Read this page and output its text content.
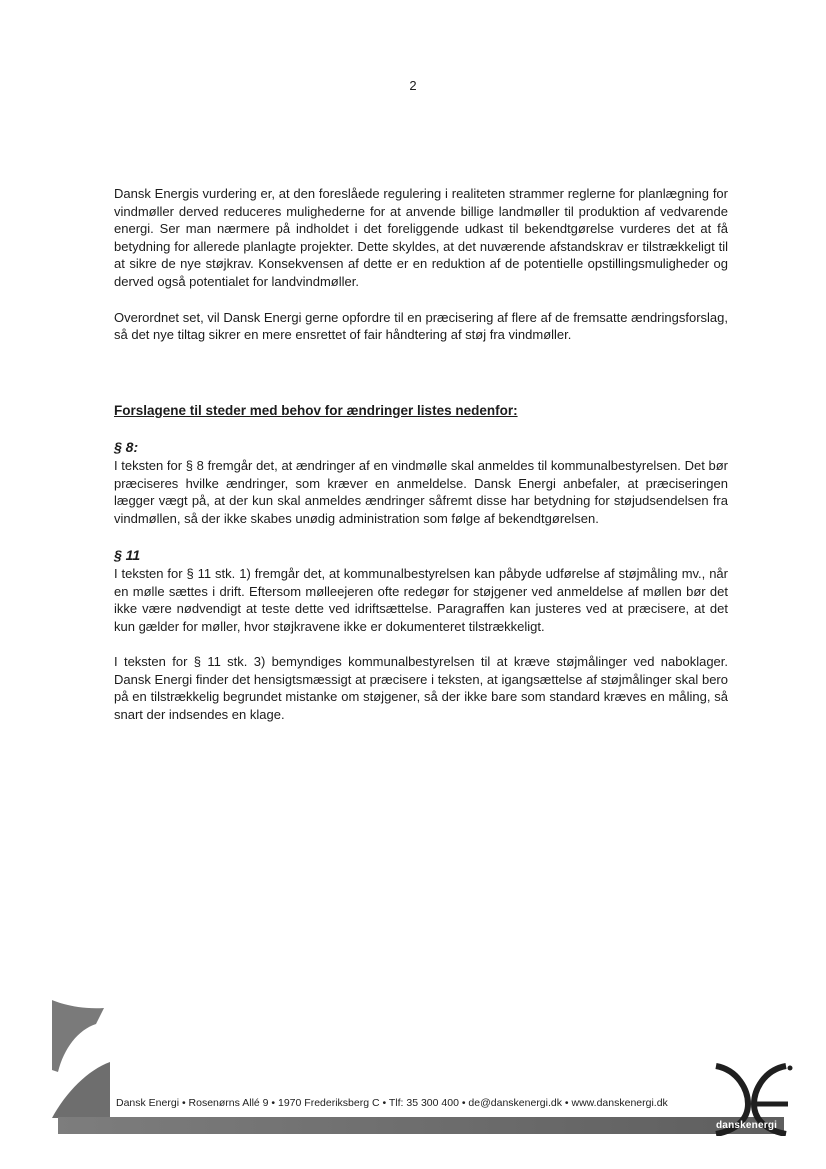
2

Dansk Energis vurdering er, at den foreslåede regulering i realiteten strammer reglerne for planlægning for vindmøller derved reduceres mulighederne for at anvende billige landmøller til produktion af vedvarende energi. Ser man nærmere på indholdet i det foreliggende udkast til bekendtgørelse vurderes det at få betydning for allerede planlagte projekter. Dette skyldes, at det nuværende afstandskrav er tilstrækkeligt til at sikre de nye støjkrav. Konsekvensen af dette er en reduktion af de potentielle opstillingsmuligheder og derved også potentialet for landvindmøller.

Overordnet set, vil Dansk Energi gerne opfordre til en præcisering af flere af de fremsatte ændringsforslag, så det nye tiltag sikrer en mere ensrettet of fair håndtering af støj fra vindmøller.

Forslagene til steder med behov for ændringer listes nedenfor:

§ 8:

I teksten for § 8 fremgår det, at ændringer af en vindmølle skal anmeldes til kommunalbestyrelsen. Det bør præciseres hvilke ændringer, som kræver en anmeldelse. Dansk Energi anbefaler, at præciseringen lægger vægt på, at der kun skal anmeldes ændringer såfremt disse har betydning for støjudsendelsen fra vindmøllen, så der ikke skabes unødig administration som følge af bekendtgørelsen.

§ 11

I teksten for § 11 stk. 1) fremgår det, at kommunalbestyrelsen kan påbyde udførelse af støjmåling mv., når en mølle sættes i drift. Eftersom mølleejeren ofte redegør for støjgener ved anmeldelse af møllen bør det ikke være nødvendigt at teste dette ved idriftsættelse. Paragraffen kan justeres ved at præcisere, at det kun gælder for møller, hvor støjkravene ikke er dokumenteret tilstrækkeligt.

I teksten for § 11 stk. 3) bemyndiges kommunalbestyrelsen til at kræve støjmålinger ved naboklager. Dansk Energi finder det hensigtsmæssigt at præcisere i teksten, at igangsættelse af støjmålinger skal bero på en tilstrækkelig begrundet mistanke om støjgener, så der ikke bare som standard kræves en måling, så snart der indsendes en klage.

Dansk Energi • Rosenørns Allé 9 • 1970 Frederiksberg C • Tlf: 35 300 400 • de@danskenergi.dk • www.danskenergi.dk
danskenergi
